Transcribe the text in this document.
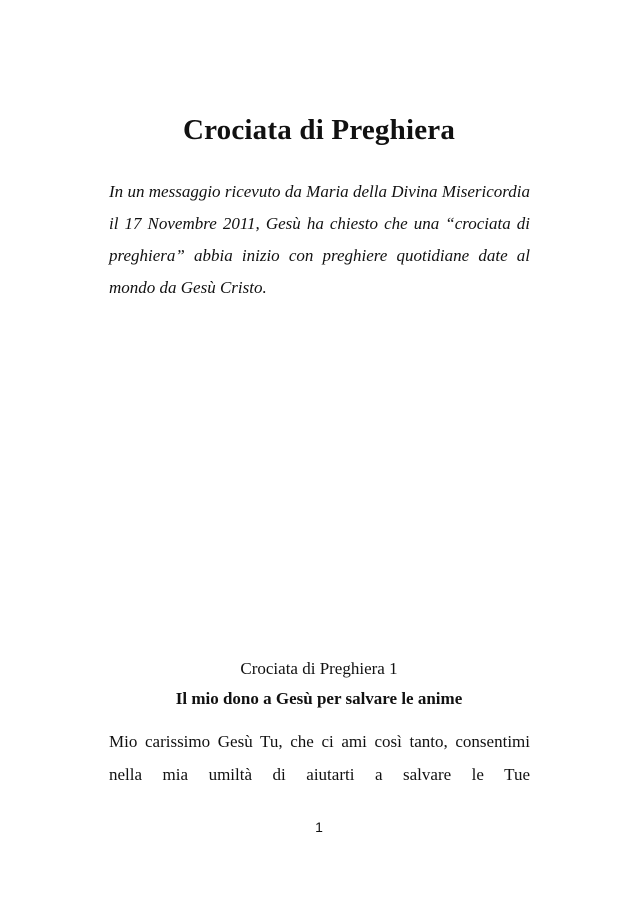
Crociata di Preghiera
In un messaggio ricevuto da Maria della Divina Misericordia il 17 Novembre 2011, Gesù ha chiesto che una “crociata di preghiera” abbia inizio con preghiere quotidiane date al mondo da Gesù Cristo.
Crociata di Preghiera 1
Il mio dono a Gesù per salvare le anime
Mio carissimo Gesù Tu, che ci ami così tanto, consentimi nella mia umiltà di aiutarti a salvare le Tue
1
